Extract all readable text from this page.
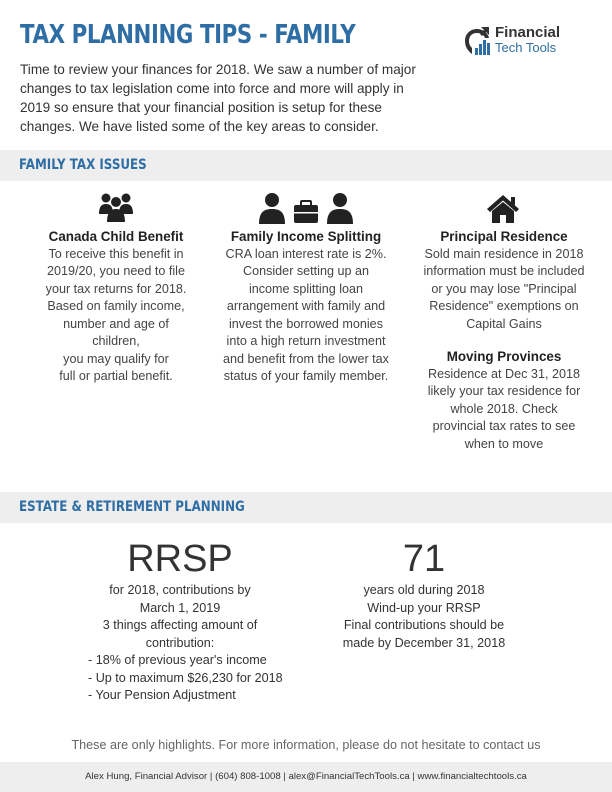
TAX PLANNING TIPS - FAMILY	Financial
Tech Tools

Time to review your finances for 2018. We saw a number of major changes to tax legislation come into force and more will apply in 2019 so ensure that your financial position is setup for these changes. We have listed some of the key areas to consider.

FAMILY TAX ISSUES
Canada Child Benefit
To receive this benefit in
2019/20, you need to file
your tax returns for 2018.
Based on family income,
number and age of
children,
you may qualify for
full or partial benefit.
Family Income Splitting
CRA loan interest rate is 2%.
Consider setting up an
income splitting loan
arrangement with family and
invest the borrowed monies
into a high return investment
and benefit from the lower tax
status of your family member.
Principal Residence
Sold main residence in 2018
information must be included
or you may lose "Principal
Residence" exemptions on
Capital Gains
Moving Provinces
Residence at Dec 31, 2018
likely your tax residence for
whole 2018. Check
provincial tax rates to see
when to move
ESTATE & RETIREMENT PLANNING
RRSP
for 2018, contributions by
March 1, 2019
3 things affecting amount of
contribution:
- 18% of previous year's income
- Up to maximum $26,230 for 2018
- Your Pension Adjustment
71
years old during 2018
Wind-up your RRSP
Final contributions should be
made by December 31, 2018
These are only highlights. For more information, please do not hesitate to contact us
Alex Hung, Financial Advisor | (604) 808-1008 | alex@FinancialTechTools.ca | www.financialtechtools.ca
